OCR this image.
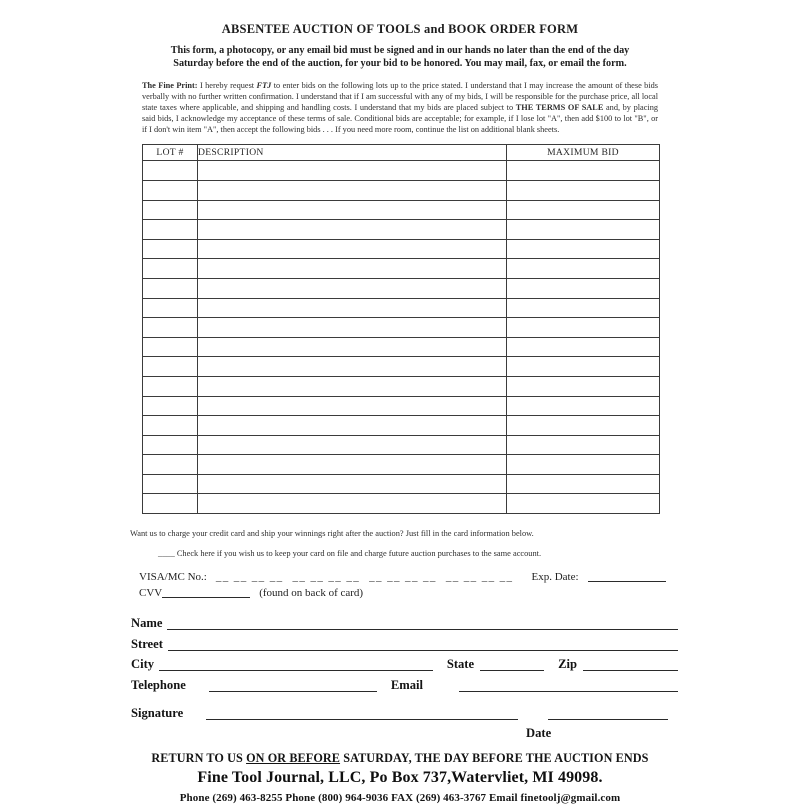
ABSENTEE AUCTION OF TOOLS and BOOK ORDER FORM
This form, a photocopy, or any email bid must be signed and in our hands no later than the end of the day
Saturday before the end of the auction, for your bid to be honored. You may mail, fax, or email the form.
The Fine Print: I hereby request FTJ to enter bids on the following lots up to the price stated. I understand that I may increase the amount of these bids verbally with no further written confirmation. I understand that if I am successful with any of my bids, I will be responsible for the purchase price, all local state taxes where applicable, and shipping and handling costs. I understand that my bids are placed subject to THE TERMS OF SALE and, by placing said bids, I acknowledge my acceptance of these terms of sale. Conditional bids are acceptable; for example, if I lose lot "A", then add $100 to lot "B", or if I don't win item "A", then accept the following bids . . . If you need more room, continue the list on additional blank sheets.
LOT #	DESCRIPTION	MAXIMUM BID

Want us to charge your credit card and ship your winnings right after the auction? Just fill in the card information below.
____ Check here if you wish us to keep your card on file and charge future auction purchases to the same account.
VISA/MC No.: __ __ __ __ __ __ __ __ __ __ __ __ __ __ __ __ Exp. Date:
CVV	(found on back of card)
Name
Street
City	State	Zip
Telephone	Email
Signature
Date
RETURN TO US ON OR BEFORE SATURDAY, THE DAY BEFORE THE AUCTION ENDS
Fine Tool Journal, LLC, Po Box 737,Watervliet, MI 49098.
Phone (269) 463-8255 Phone (800) 964-9036 FAX (269) 463-3767 Email finetoolj@gmail.com
